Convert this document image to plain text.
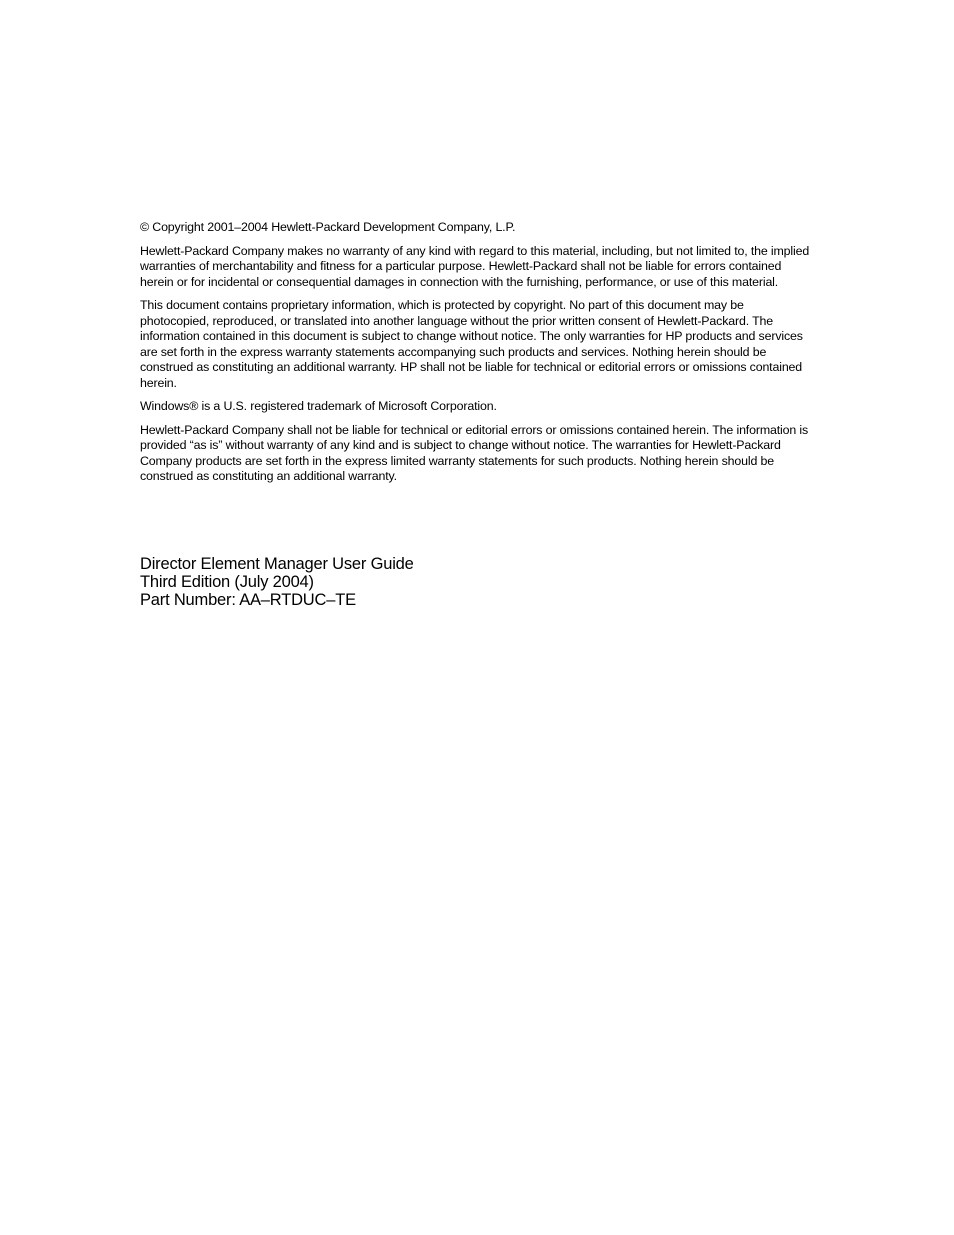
© Copyright 2001–2004 Hewlett-Packard Development Company, L.P.

Hewlett-Packard Company makes no warranty of any kind with regard to this material, including, but not limited to, the implied warranties of merchantability and fitness for a particular purpose. Hewlett-Packard shall not be liable for errors contained herein or for incidental or consequential damages in connection with the furnishing, performance, or use of this material.

This document contains proprietary information, which is protected by copyright. No part of this document may be photocopied, reproduced, or translated into another language without the prior written consent of Hewlett-Packard. The information contained in this document is subject to change without notice. The only warranties for HP products and services are set forth in the express warranty statements accompanying such products and services. Nothing herein should be construed as constituting an additional warranty. HP shall not be liable for technical or editorial errors or omissions contained herein.

Windows® is a U.S. registered trademark of Microsoft Corporation.

Hewlett-Packard Company shall not be liable for technical or editorial errors or omissions contained herein. The information is provided “as is” without warranty of any kind and is subject to change without notice. The warranties for Hewlett-Packard Company products are set forth in the express limited warranty statements for such products. Nothing herein should be construed as constituting an additional warranty.

Director Element Manager User Guide
Third Edition (July 2004)
Part Number: AA–RTDUC–TE
